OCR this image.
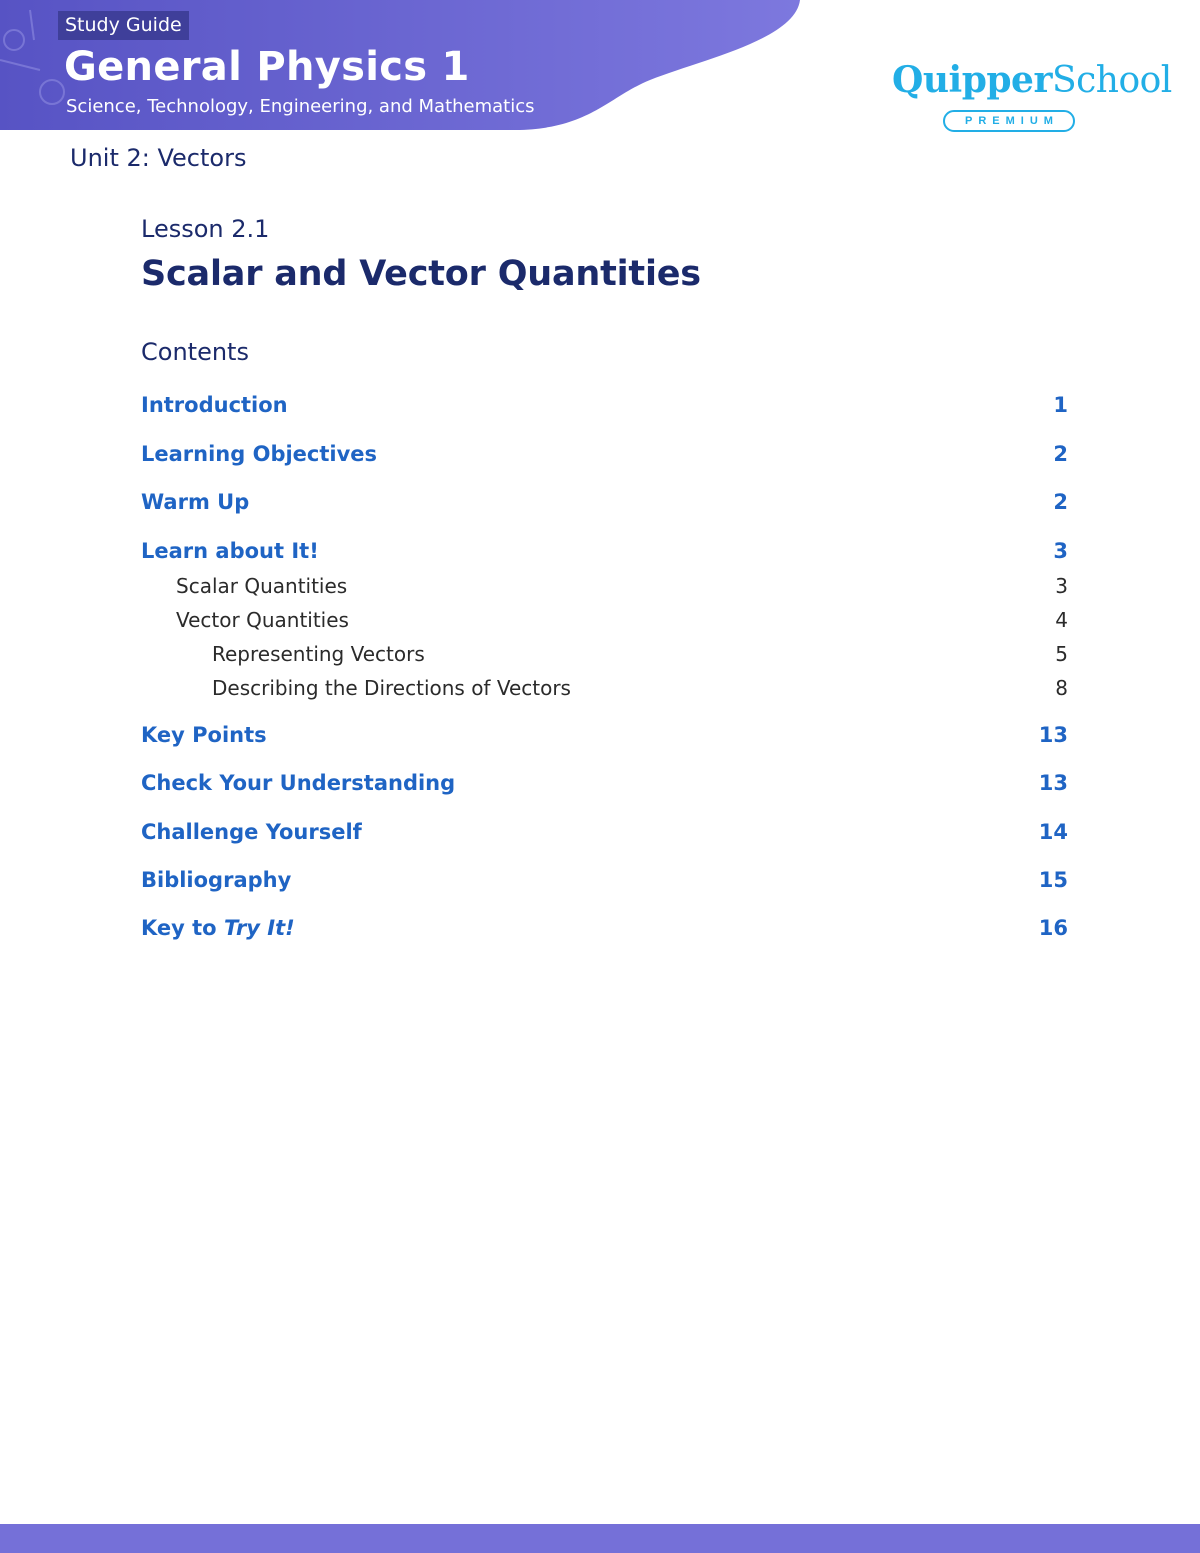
Study Guide
General Physics 1
Science, Technology, Engineering, and Mathematics
QuipperSchool
PREMIUM
Unit 2: Vectors
Lesson 2.1
Scalar and Vector Quantities
Contents
Introduction	1
Learning Objectives	2
Warm Up	2
Learn about It!	3
Scalar Quantities	3
Vector Quantities	4
Representing Vectors	5
Describing the Directions of Vectors	8
Key Points	13
Check Your Understanding	13
Challenge Yourself	14
Bibliography	15
Key to Try It!	16
